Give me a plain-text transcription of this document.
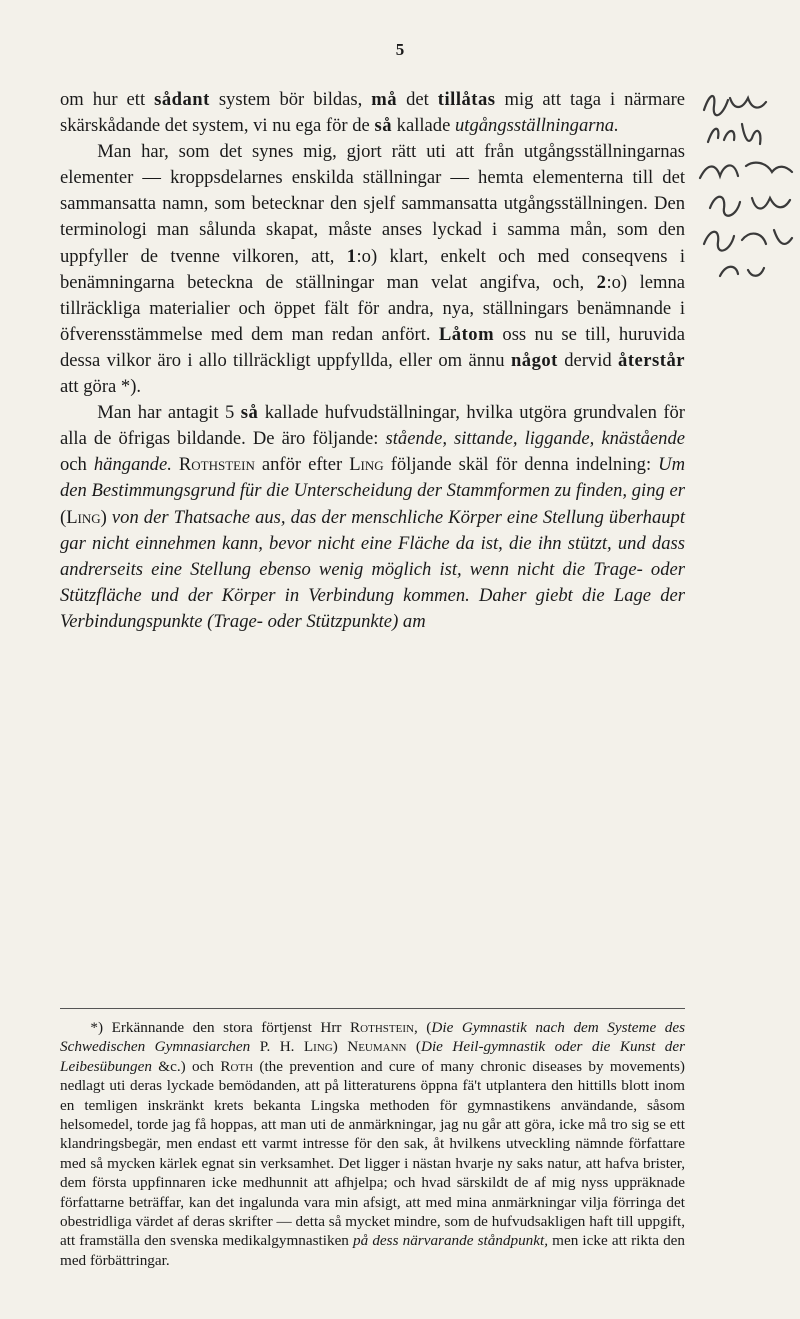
5

om hur ett sådant system bör bildas, må det tillåtas mig att taga i närmare skärskådande det system, vi nu ega för de så kallade utgångsställningarna.

Man har, som det synes mig, gjort rätt uti att från utgångsställningarnas elementer — kroppsdelarnes enskilda ställningar — hemta elementerna till det sammansatta namn, som betecknar den sjelf sammansatta utgångsställningen. Den terminologi man sålunda skapat, måste anses lyckad i samma mån, som den uppfyller de tvenne vilkoren, att, 1:o) klart, enkelt och med conseqvens i benämningarna beteckna de ställningar man velat angifva, och, 2:o) lemna tillräckliga materialier och öppet fält för andra, nya, ställningars benämnande i öfverensstämmelse med dem man redan anfört. Låtom oss nu se till, huruvida dessa vilkor äro i allo tillräckligt uppfyllda, eller om ännu något dervid återstår att göra *).

Man har antagit 5 så kallade hufvudställningar, hvilka utgöra grundvalen för alla de öfrigas bildande. De äro följande: stående, sittande, liggande, knästående och hängande. Rothstein anför efter Ling följande skäl för denna indelning: Um den Bestimmungsgrund für die Unterscheidung der Stammformen zu finden, ging er (Ling) von der Thatsache aus, das der menschliche Körper eine Stellung überhaupt gar nicht einnehmen kann, bevor nicht eine Fläche da ist, die ihn stützt, und dass andrerseits eine Stellung ebenso wenig möglich ist, wenn nicht die Trage- oder Stützfläche und der Körper in Verbindung kommen. Daher giebt die Lage der Verbindungspunkte (Trage- oder Stützpunkte) am

*) Erkännande den stora förtjenst Hrr Rothstein, (Die Gymnastik nach dem Systeme des Schwedischen Gymnasiarchen P. H. Ling) Neumann (Die Heil-gymnastik oder die Kunst der Leibesübungen &c.) och Roth (the prevention and cure of many chronic diseases by movements) nedlagt uti deras lyckade bemödanden, att på litteraturens öppna fä't utplantera den hittills blott inom en temligen inskränkt krets bekanta Lingska methoden för gymnastikens användande, såsom helsomedel, torde jag få hoppas, att man uti de anmärkningar, jag nu går att göra, icke må tro sig se ett klandringsbegär, men endast ett varmt intresse för den sak, åt hvilkens utveckling nämnde författare med så mycken kärlek egnat sin verksamhet. Det ligger i nästan hvarje ny saks natur, att hafva brister, dem första uppfinnaren icke medhunnit att afhjelpa; och hvad särskildt de af mig nyss uppräknade författarne beträffar, kan det ingalunda vara min afsigt, att med mina anmärkningar vilja förringa det obestridliga värdet af deras skrifter — detta så mycket mindre, som de hufvudsakligen haft till uppgift, att framställa den svenska medikalgymnastiken på dess närvarande ståndpunkt, men icke att rikta den med förbättringar.
